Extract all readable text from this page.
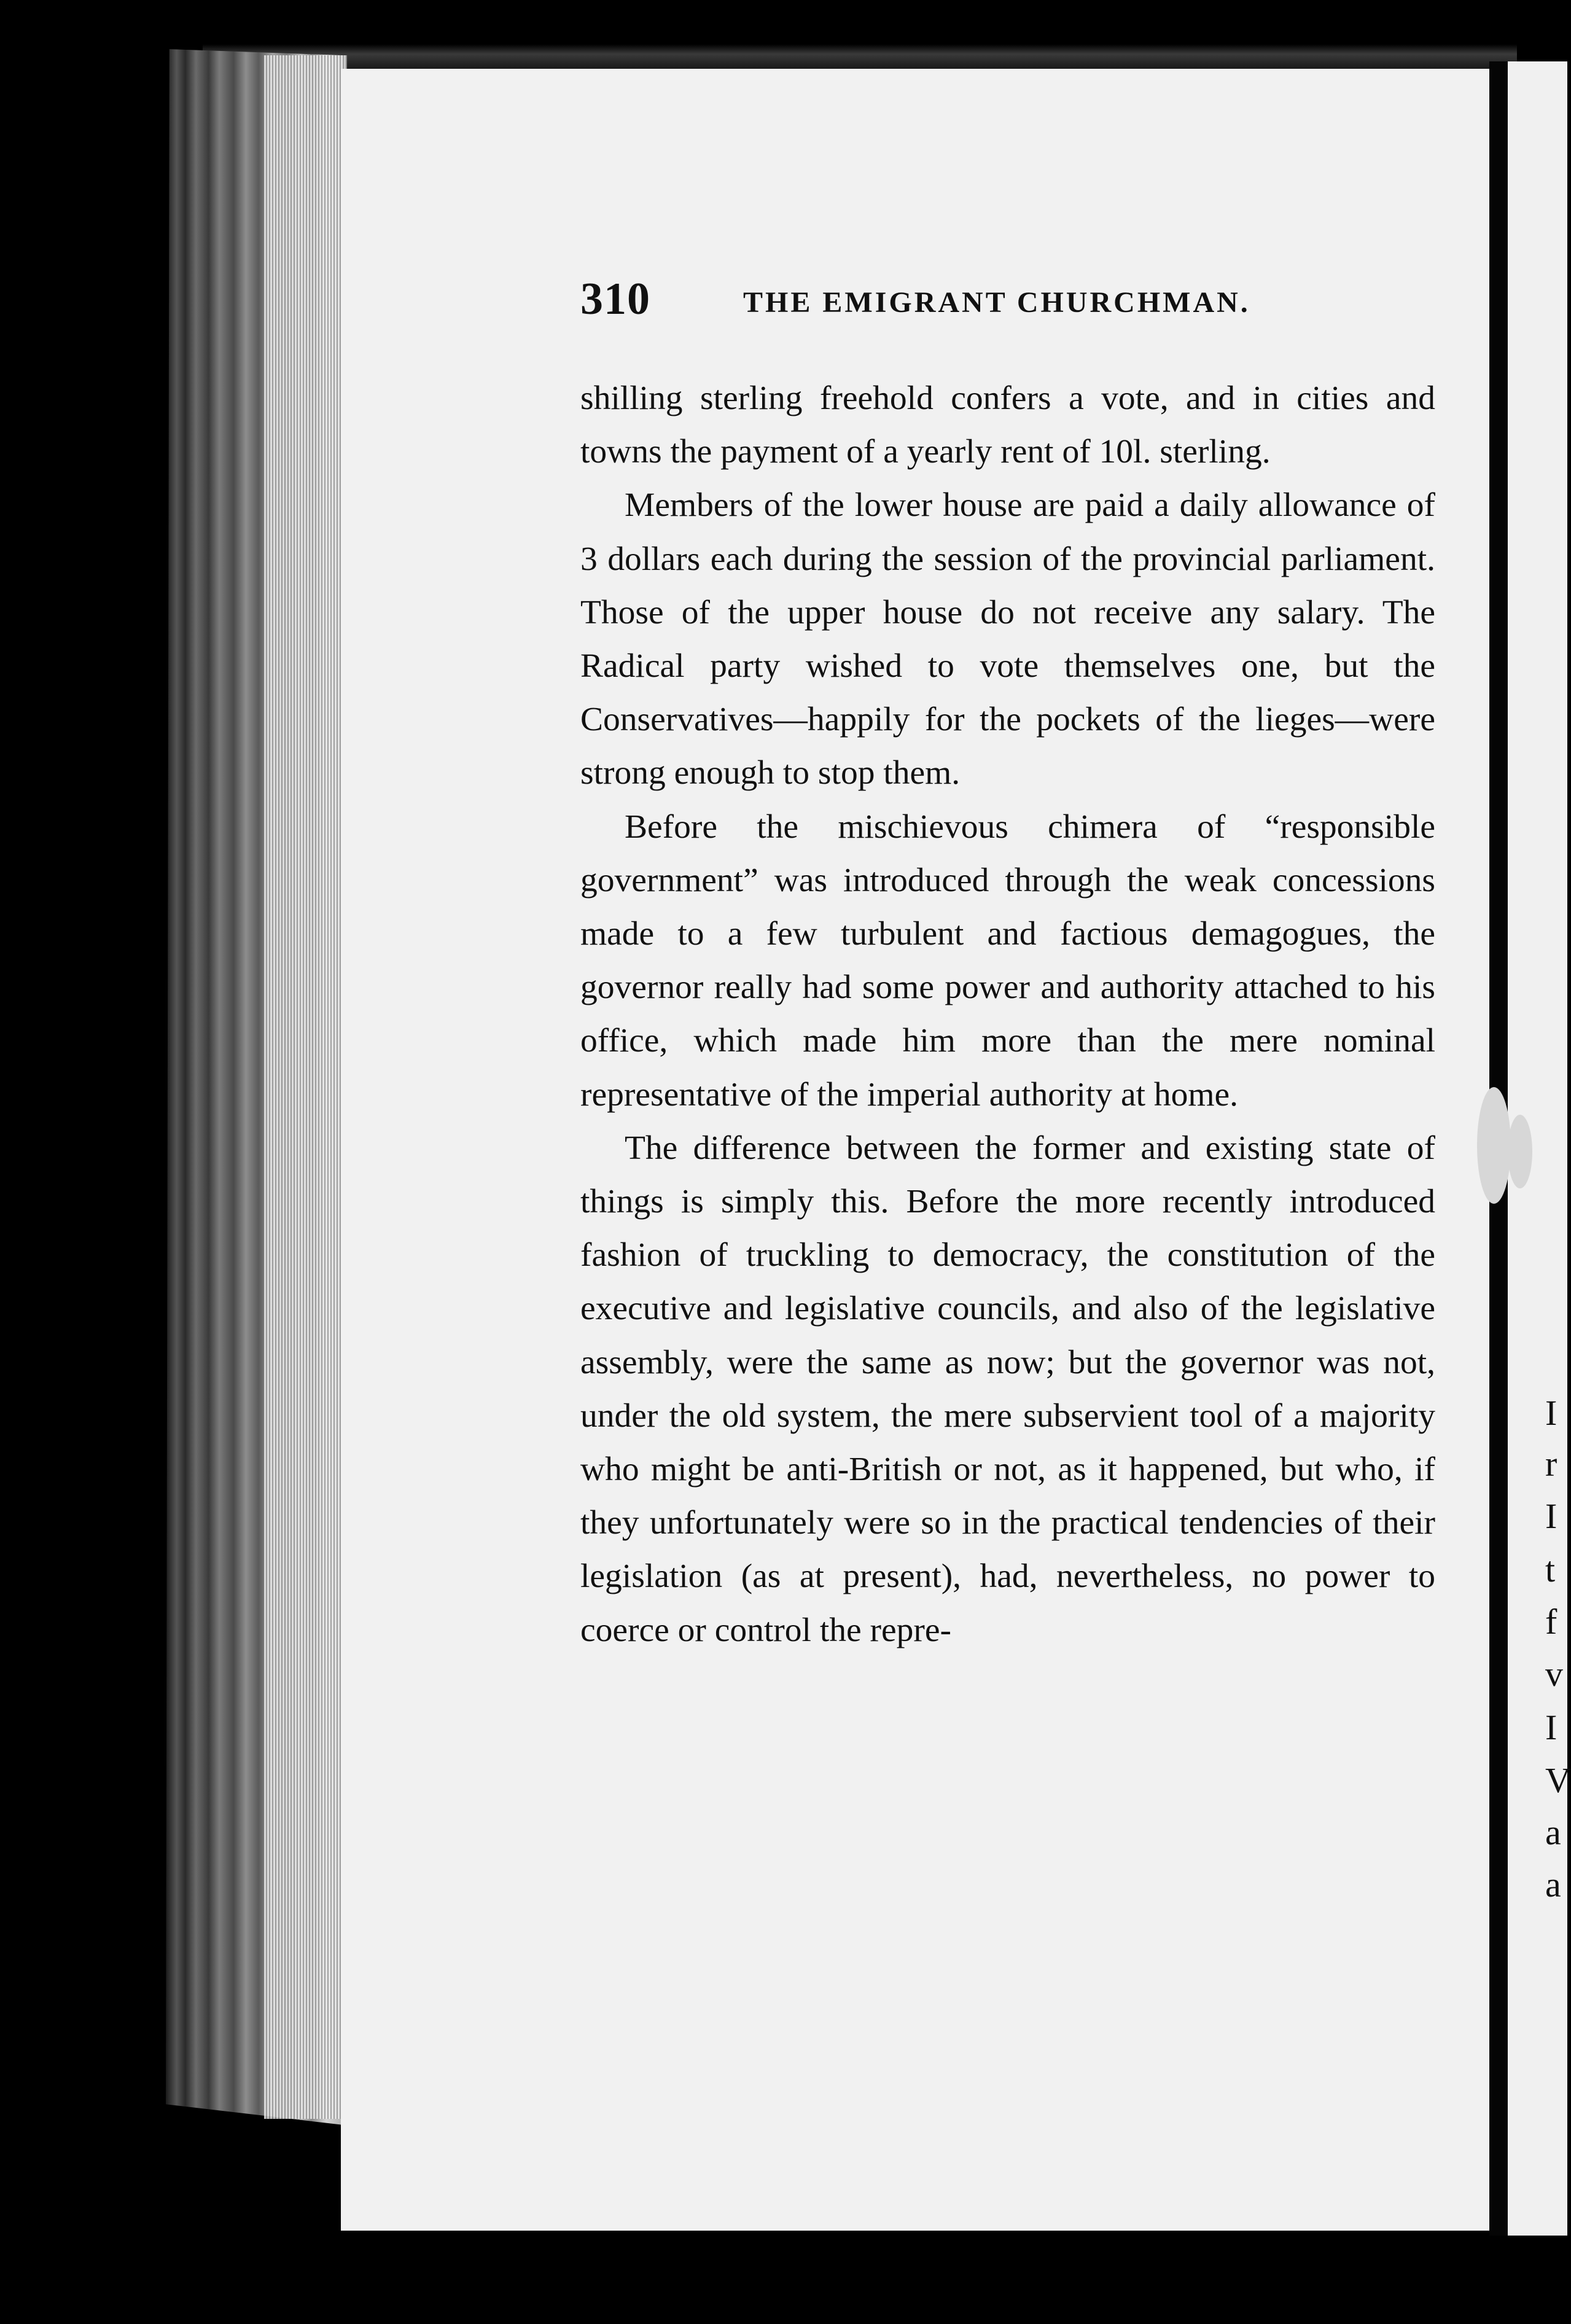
I
r
I
t
f
v
I
V
a
a
310	THE EMIGRANT CHURCHMAN.

shilling sterling freehold confers a vote, and in cities and towns the payment of a yearly rent of 10l. sterling.

Members of the lower house are paid a daily allowance of 3 dollars each during the session of the provincial parliament. Those of the upper house do not receive any salary. The Radical party wished to vote themselves one, but the Conservatives—happily for the pockets of the lieges—were strong enough to stop them.

Before the mischievous chimera of “responsible government” was introduced through the weak concessions made to a few turbulent and factious demagogues, the governor really had some power and authority attached to his office, which made him more than the mere nominal representative of the imperial authority at home.

The difference between the former and existing state of things is simply this. Before the more recently introduced fashion of truckling to democracy, the constitution of the executive and legislative councils, and also of the legislative assembly, were the same as now; but the governor was not, under the old system, the mere subservient tool of a majority who might be anti-British or not, as it happened, but who, if they unfortunately were so in the practical tendencies of their legislation (as at present), had, nevertheless, no power to coerce or control the repre-
